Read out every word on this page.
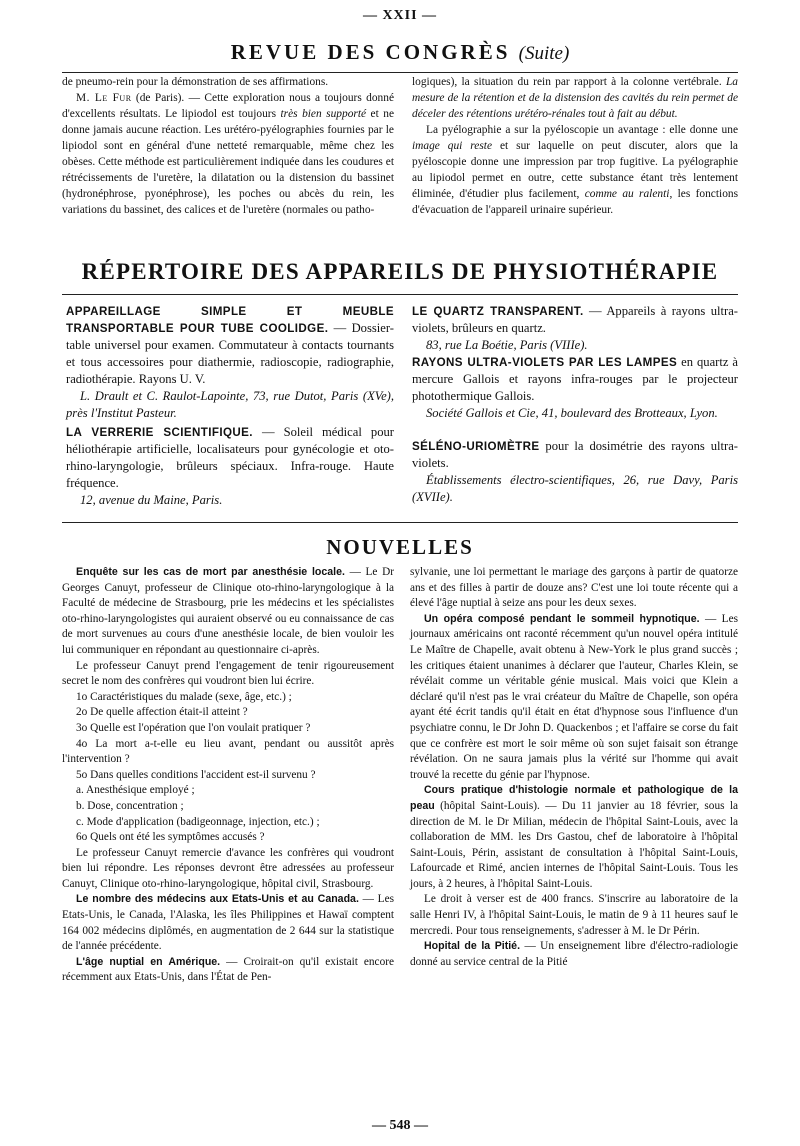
— XXII —
REVUE DES CONGRÈS (Suite)

de pneumo-rein pour la démonstration de ses affirmations.

M. Le Fur (de Paris). — Cette exploration nous a toujours donné d'excellents résultats. Le lipiodol est toujours très bien supporté et ne donne jamais aucune réaction. Les urétéro-pyélographies fournies par le lipiodol sont en général d'une netteté remarquable, même chez les obèses. Cette méthode est particulièrement indiquée dans les coudures et rétrécissements de l'uretère, la dilatation ou la distension du bassinet (hydronéphrose, pyonéphrose), les poches ou abcès du rein, les variations du bassinet, des calices et de l'uretère (normales ou patho-

logiques), la situation du rein par rapport à la colonne vertébrale. La mesure de la rétention et de la distension des cavités du rein permet de déceler des rétentions urétéro-rénales tout à fait au début.

La pyélographie a sur la pyéloscopie un avantage : elle donne une image qui reste et sur laquelle on peut discuter, alors que la pyéloscopie donne une impression par trop fugitive. La pyélographie au lipiodol permet en outre, cette substance étant très lentement éliminée, d'étudier plus facilement, comme au ralenti, les fonctions d'évacuation de l'appareil urinaire supérieur.

RÉPERTOIRE DES APPAREILS DE PHYSIOTHÉRAPIE

APPAREILLAGE SIMPLE ET MEUBLE TRANSPORTABLE POUR TUBE COOLIDGE. — Dossier-table universel pour examen. Commutateur à contacts tournants et tous accessoires pour diathermie, radioscopie, radiographie, radiothérapie. Rayons U. V.

L. Drault et C. Raulot-Lapointe, 73, rue Dutot, Paris (XVe), près l'Institut Pasteur.

LA VERRERIE SCIENTIFIQUE. — Soleil médical pour héliothérapie artificielle, localisateurs pour gynécologie et oto-rhino-laryngologie, brûleurs spéciaux. Infra-rouge. Haute fréquence.

12, avenue du Maine, Paris.

LE QUARTZ TRANSPARENT. — Appareils à rayons ultra-violets, brûleurs en quartz.

83, rue La Boétie, Paris (VIIIe).

RAYONS ULTRA-VIOLETS PAR LES LAMPES en quartz à mercure Gallois et rayons infra-rouges par le projecteur photothermique Gallois.

Société Gallois et Cie, 41, boulevard des Brotteaux, Lyon.

SÉLÉNO-URIOMÈTRE pour la dosimétrie des rayons ultra-violets.

Établissements électro-scientifiques, 26, rue Davy, Paris (XVIIe).

NOUVELLES

Enquête sur les cas de mort par anesthésie locale. — Le Dr Georges Canuyt, professeur de Clinique oto-rhino-laryngologique à la Faculté de médecine de Strasbourg, prie les médecins et les spécialistes oto-rhino-laryngologistes qui auraient observé ou eu connaissance de cas de mort survenues au cours d'une anesthésie locale, de bien vouloir les lui communiquer en répondant au questionnaire ci-après.

Le professeur Canuyt prend l'engagement de tenir rigoureusement secret le nom des confrères qui voudront bien lui écrire.

1o Caractéristiques du malade (sexe, âge, etc.) ;

2o De quelle affection était-il atteint ?

3o Quelle est l'opération que l'on voulait pratiquer ?

4o La mort a-t-elle eu lieu avant, pendant ou aussitôt après l'intervention ?

5o Dans quelles conditions l'accident est-il survenu ?

a. Anesthésique employé ;

b. Dose, concentration ;

c. Mode d'application (badigeonnage, injection, etc.) ;

6o Quels ont été les symptômes accusés ?

Le professeur Canuyt remercie d'avance les confrères qui voudront bien lui répondre. Les réponses devront être adressées au professeur Canuyt, Clinique oto-rhino-laryngologique, hôpital civil, Strasbourg.

Le nombre des médecins aux Etats-Unis et au Canada. — Les Etats-Unis, le Canada, l'Alaska, les îles Philippines et Hawaï comptent 164 002 médecins diplômés, en augmentation de 2 644 sur la statistique de l'année précédente.

L'âge nuptial en Amérique. — Croirait-on qu'il existait encore récemment aux Etats-Unis, dans l'État de Pen-

sylvanie, une loi permettant le mariage des garçons à partir de quatorze ans et des filles à partir de douze ans? C'est une loi toute récente qui a élevé l'âge nuptial à seize ans pour les deux sexes.

Un opéra composé pendant le sommeil hypnotique. — Les journaux américains ont raconté récemment qu'un nouvel opéra intitulé Le Maître de Chapelle, avait obtenu à New-York le plus grand succès ; les critiques étaient unanimes à déclarer que l'auteur, Charles Klein, se révélait comme un véritable génie musical. Mais voici que Klein a déclaré qu'il n'est pas le vrai créateur du Maître de Chapelle, son opéra ayant été écrit tandis qu'il était en état d'hypnose sous l'influence d'un psychiatre connu, le Dr John D. Quackenbos ; et l'affaire se corse du fait que ce confrère est mort le soir même où son sujet faisait son étrange révélation. On ne saura jamais plus la vérité sur l'homme qui avait trouvé la recette du génie par l'hypnose.

Cours pratique d'histologie normale et pathologique de la peau (hôpital Saint-Louis). — Du 11 janvier au 18 février, sous la direction de M. le Dr Milian, médecin de l'hôpital Saint-Louis, avec la collaboration de MM. les Drs Gastou, chef de laboratoire à l'hôpital Saint-Louis, Périn, assistant de consultation à l'hôpital Saint-Louis, Lafourcade et Rimé, ancien internes de l'hôpital Saint-Louis. Tous les jours, à 2 heures, à l'hôpital Saint-Louis.

Le droit à verser est de 400 francs. S'inscrire au laboratoire de la salle Henri IV, à l'hôpital Saint-Louis, le matin de 9 à 11 heures sauf le mercredi. Pour tous renseignements, s'adresser à M. le Dr Périn.

Hopital de la Pitié. — Un enseignement libre d'électro-radiologie donné au service central de la Pitié

— 548 —
